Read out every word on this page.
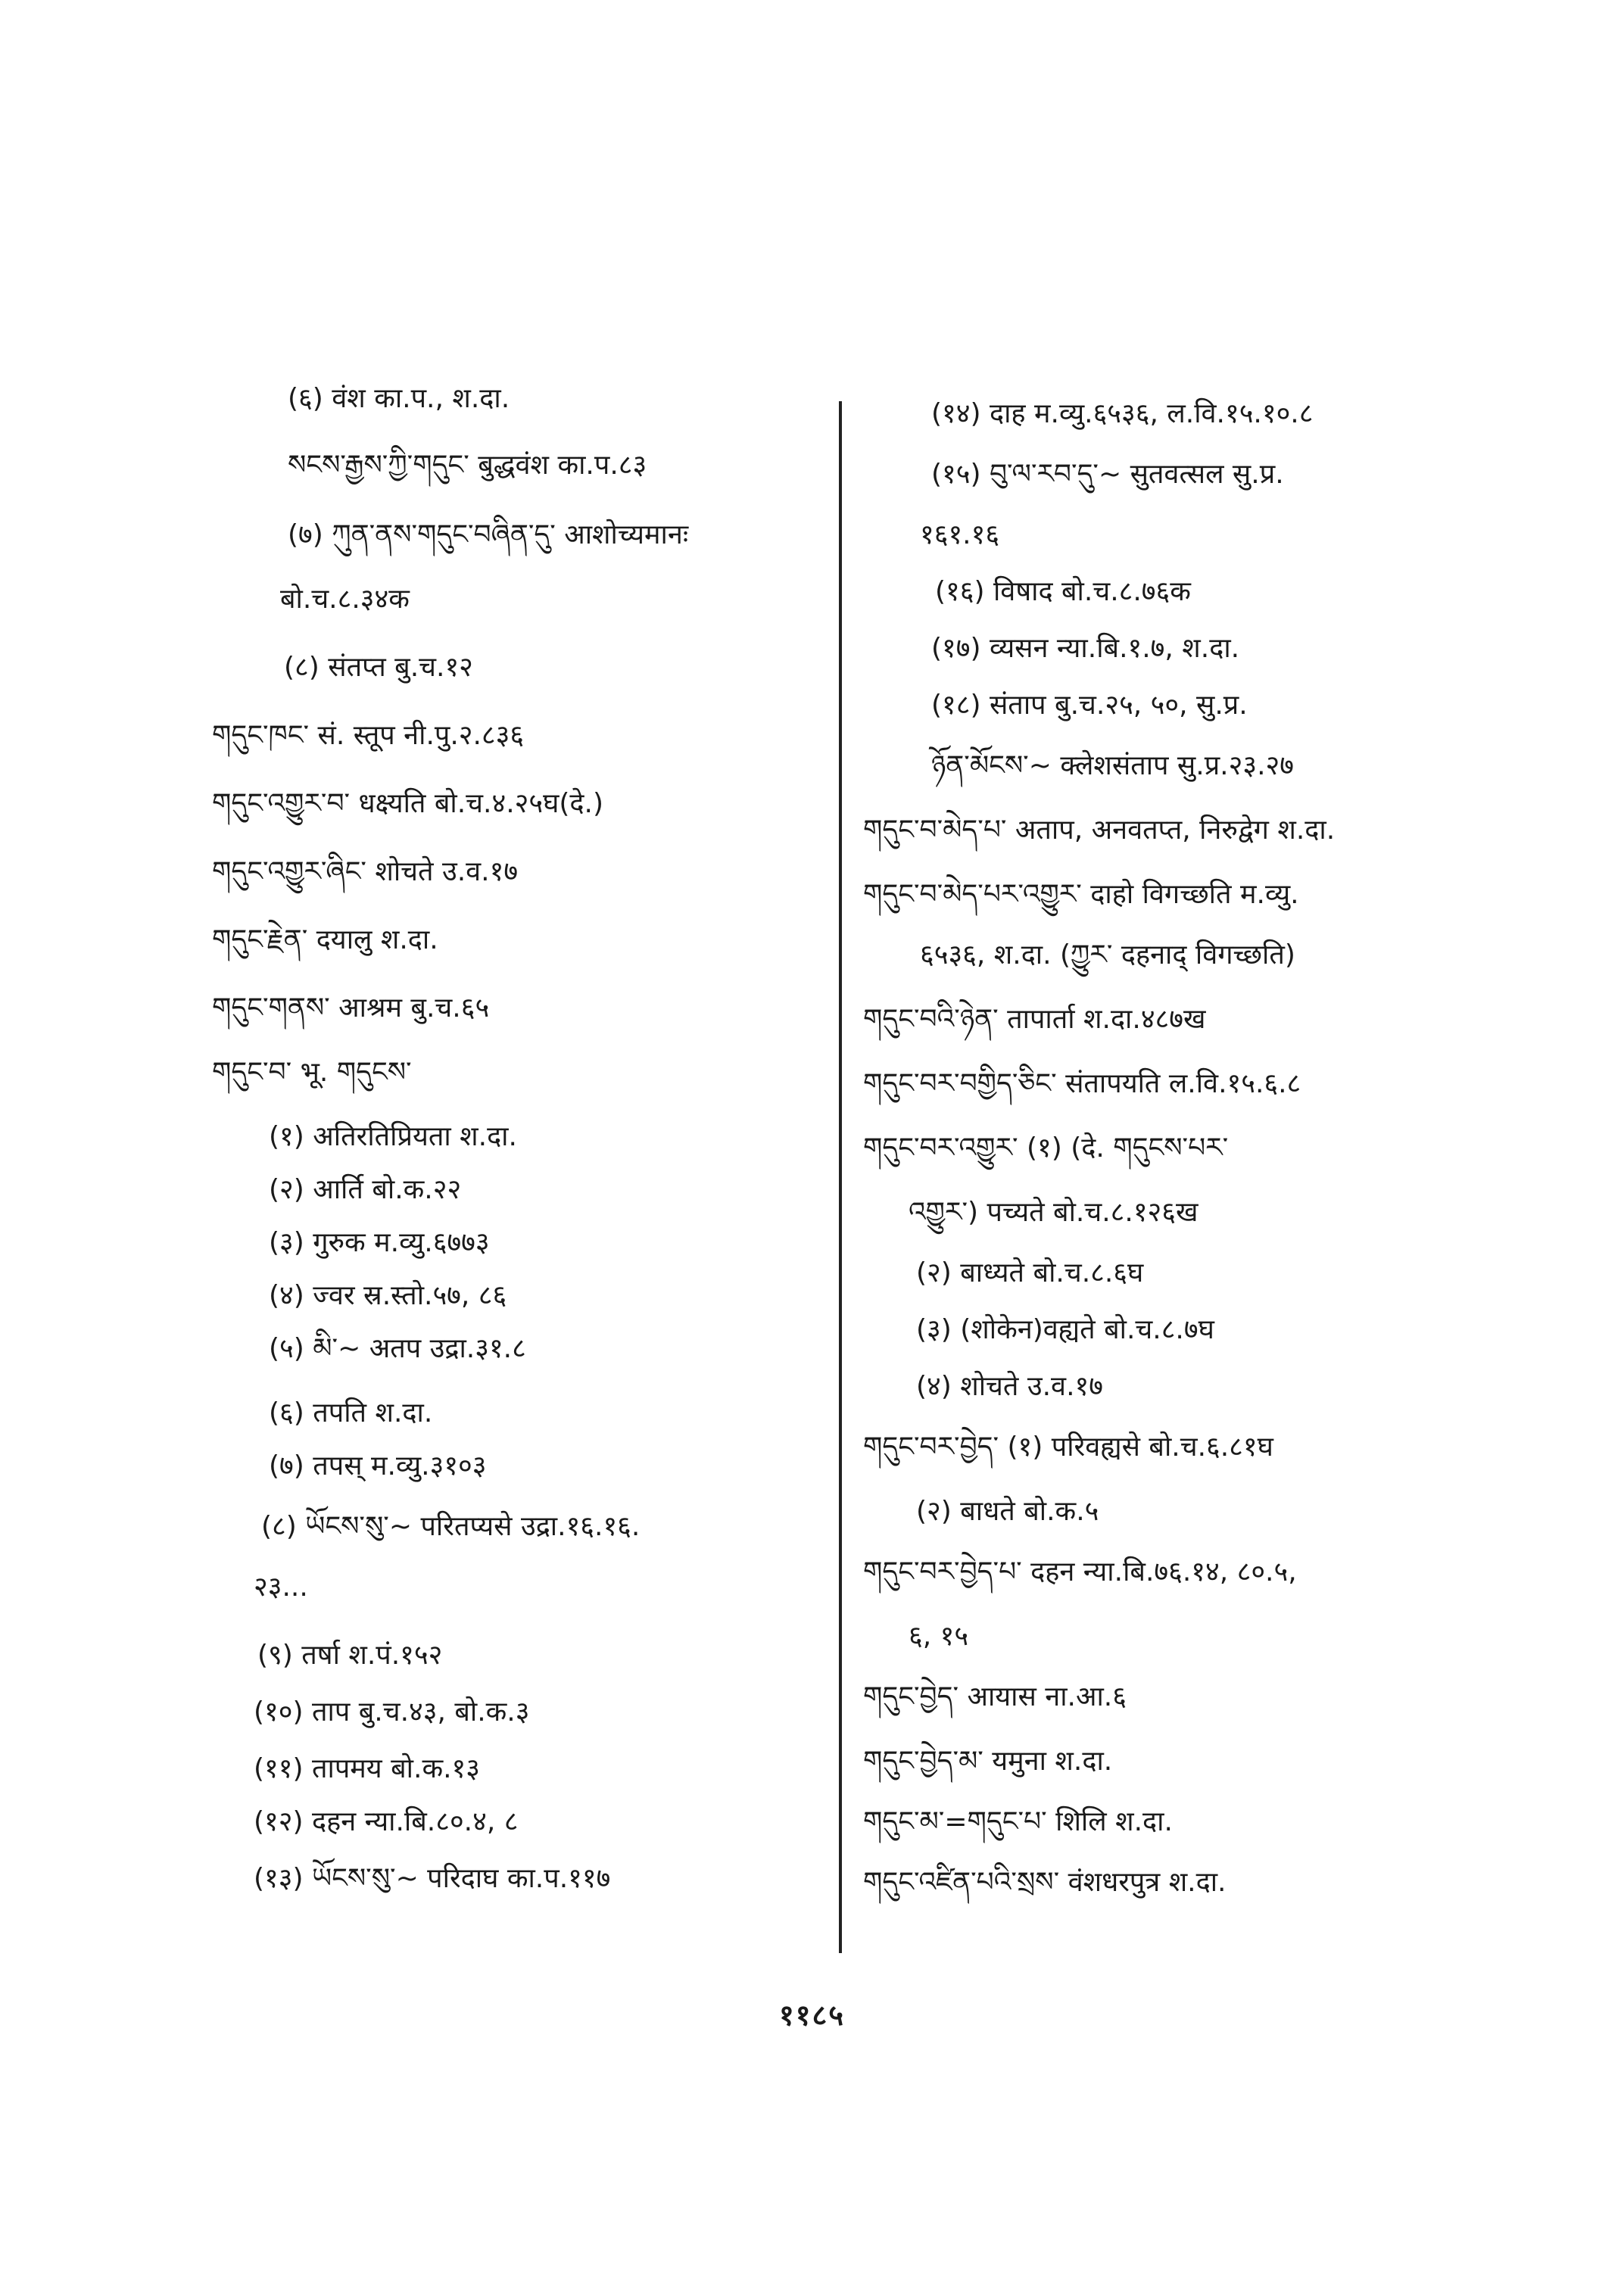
(६) वंश का.प., श.दा.
སངས་རྒྱས་ཀྱི་གདུང་ बुद्धवंश का.प.८३
(७) ཀུན་ནས་གདུང་བཞིན་དུ་ आशोच्यमानः
बो.च.८.३४क
(८) संतप्त बु.च.१२
གདུང་ཁང་ सं. स्तूप नी.पु.२.८३६
གདུང་འགྱུར་བ་ धक्ष्यति बो.च.४.२५घ(दे.)
གདུང་འགྱུར་ཞིང་ शोचते उ.व.१७
གདུང་རྗེན་ दयालु श.दा.
གདུང་གནས་ आश्रम बु.च.६५
གདུང་བ་ भू. གདུངས་
(१) अतिरतिप्रियता श.दा.
(२) आर्ति बो.क.२२
(३) गुरुक म.व्यु.६७७३
(४) ज्वर स्र.स्तो.५७, ८६
(५) མི་~ अतप उद्रा.३१.८
(६) तपति श.दा.
(७) तपस् म.व्यु.३१०३
(८) ཡོངས་སུ་~ परितप्यसे उद्रा.१६.१६.
२३...
(९) तर्षा श.पं.१५२
(१०) ताप बु.च.४३, बो.क.३
(११) तापमय बो.क.१३
(१२) दहन न्या.बि.८०.४, ८
(१३) ཡོངས་སུ་~ परिदाघ का.प.११७
(१४) दाह म.व्यु.६५३६, ल.वि.१५.१०.८
(१५) བུ་ལ་རབ་དུ་~ सुतवत्सल सु.प्र.
१६१.१६
(१६) विषाद बो.च.८.७६क
(१७) व्यसन न्या.बि.१.७, श.दा.
(१८) संताप बु.च.२५, ५०, सु.प्र.
ཉོན་མོངས་~ क्लेशसंताप सु.प्र.२३.२७
གདུང་བ་མེད་པ་ अताप, अनवतप्त, निरुद्वेग श.दा.
གདུང་བ་མེད་པར་འགྱུར་ दाहो विगच्छति म.व्यु.
६५३६, श.दा. (ཀྱུར་ दहनाद् विगच्छति)
གདུང་བའི་ཉེན་ तापार्ता श.दा.४८७ख
གདུང་བར་བགྱིད་ཅིང་ संतापयति ल.वि.१५.६.८
གདུང་བར་འགྱུར་ (१) (दे. གདུངས་པར་
འགྱུར་) पच्यते बो.च.८.१२६ख
(२) बाध्यते बो.च.८.६घ
(३) (शोकेन)वह्यते बो.च.८.७घ
(४) शोचते उ.व.१७
གདུང་བར་བྱེད་ (१) परिवह्यसे बो.च.६.८१घ
(२) बाधते बो.क.५
གདུང་བར་བྱེད་པ་ दहन न्या.बि.७६.१४, ८०.५,
६, १५
གདུང་བྱེད་ आयास ना.आ.६
གདུང་བྱེད་མ་ यमुना श.दा.
གདུང་མ་=གདུང་པ་ शिलि श.दा.
གདུང་འཛིན་པའི་སྲས་ वंशधरपुत्र श.दा.
११८५
